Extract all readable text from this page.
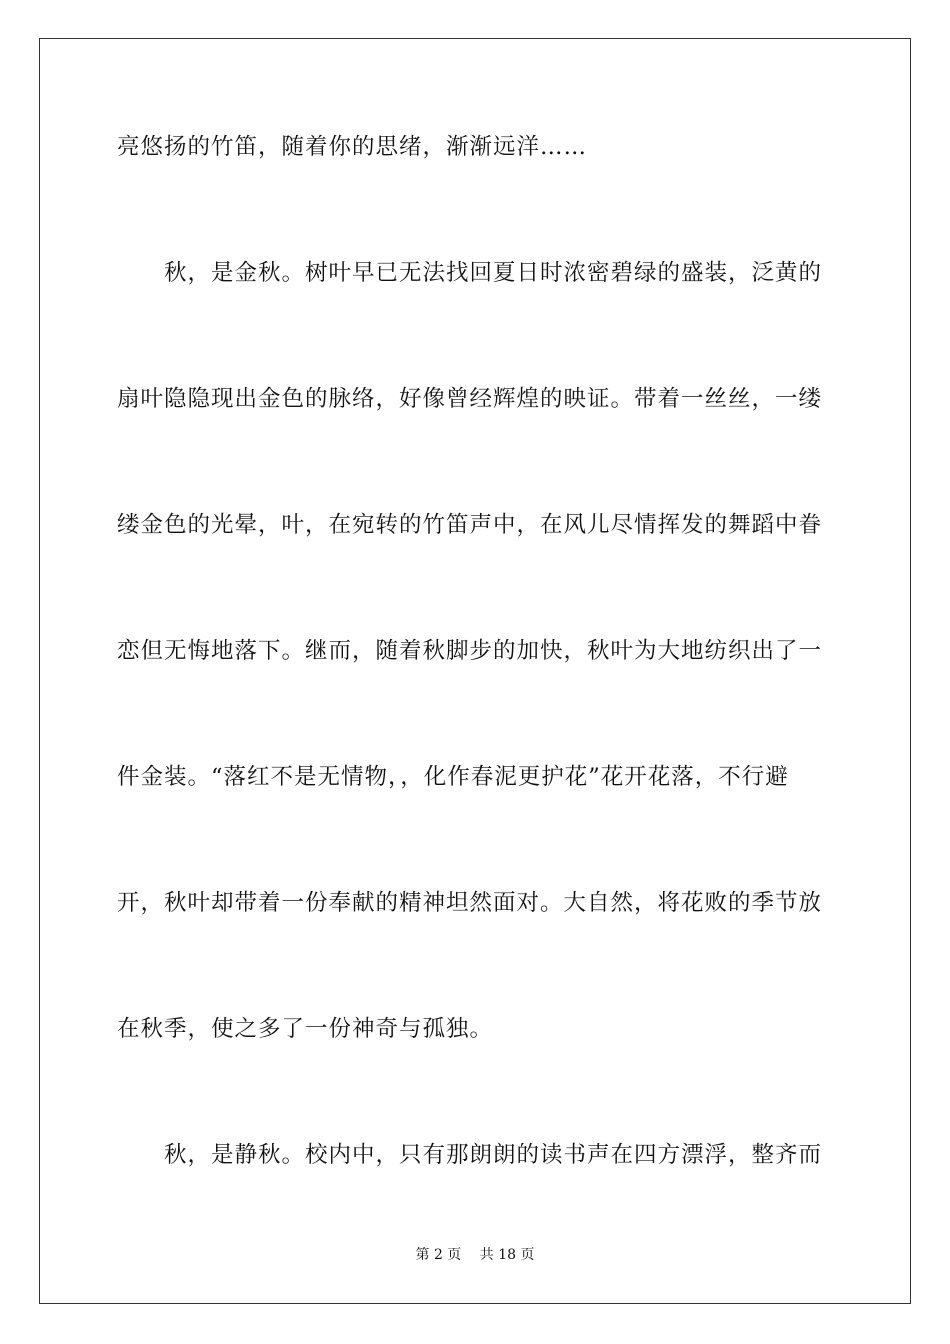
亮悠扬的竹笛，随着你的思绪，渐渐远洋……
　　秋，是金秋。树叶早已无法找回夏日时浓密碧绿的盛装，泛黄的
扇叶隐隐现出金色的脉络，好像曾经辉煌的映证。带着一丝丝，一缕
缕金色的光晕，叶，在宛转的竹笛声中，在风儿尽情挥发的舞蹈中眷
恋但无悔地落下。继而，随着秋脚步的加快，秋叶为大地纺织出了一
件金装。“落红不是无情物，，化作春泥更护花”花开花落，不行避
开，秋叶却带着一份奉献的精神坦然面对。大自然，将花败的季节放
在秋季，使之多了一份神奇与孤独。
　　秋，是静秋。校内中，只有那朗朗的读书声在四方漂浮，整齐而
第 2 页　 共 18 页
